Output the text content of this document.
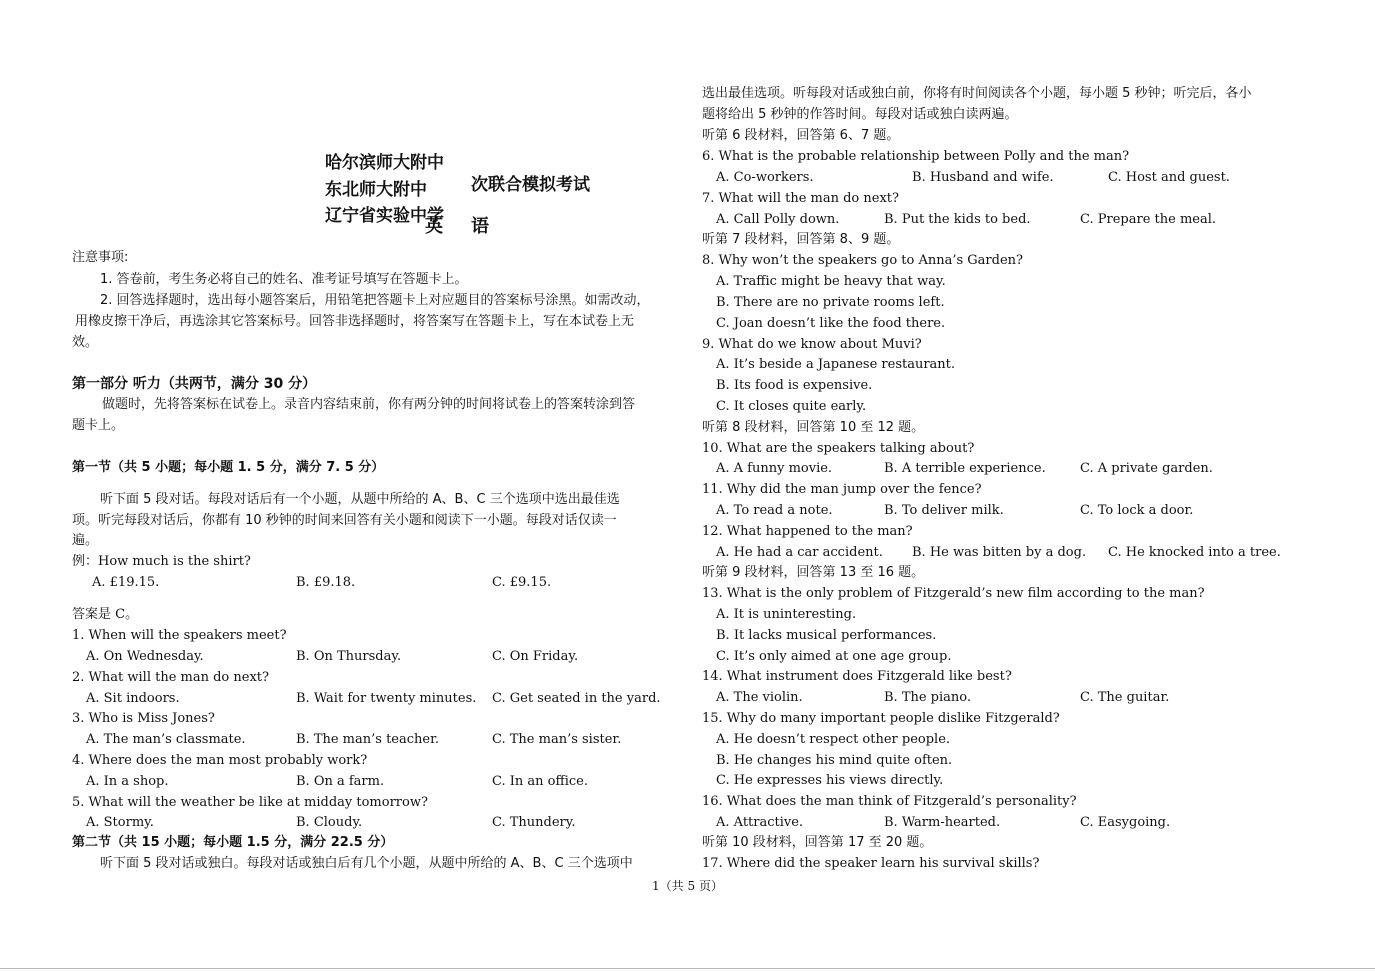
哈尔滨师大附中
东北师大附中
辽宁省实验中学
次联合模拟考试
英语
注意事项:
1. 答卷前，考生务必将自己的姓名、准考证号填写在答题卡上。
2. 回答选择题时，选出每小题答案后，用铅笔把答题卡上对应题目的答案标号涂黑。如需改动，
用橡皮擦干净后，再选涂其它答案标号。回答非选择题时，将答案写在答题卡上，写在本试卷上无
效。
第一部分 听力（共两节，满分 30 分）
做题时，先将答案标在试卷上。录音内容结束前，你有两分钟的时间将试卷上的答案转涂到答
题卡上。
第一节（共 5 小题；每小题 1. 5 分，满分 7. 5 分）
听下面 5 段对话。每段对话后有一个小题，从题中所给的 A、B、C 三个选项中选出最佳选
项。听完每段对话后，你都有 10 秒钟的时间来回答有关小题和阅读下一小题。每段对话仅读一
遍。
例：How much is the shirt?
A. £19.15.	B. £9.18.	C. £9.15.
答案是 C。
1. When will the speakers meet?
A. On Wednesday.	B. On Thursday.	C. On Friday.
2. What will the man do next?
A. Sit indoors.	B. Wait for twenty minutes. C. Get seated in the yard.
3. Who is Miss Jones?
A. The man’s classmate.	B. The man’s teacher.	C. The man’s sister.
4. Where does the man most probably work?
A. In a shop.	B. On a farm.	C. In an office.
5. What will the weather be like at midday tomorrow?
A. Stormy.	B. Cloudy.	C. Thundery.
第二节（共 15 小题；每小题 1.5 分，满分 22.5 分）
听下面 5 段对话或独白。每段对话或独白后有几个小题，从题中所给的 A、B、C 三个选项中
选出最佳选项。听每段对话或独白前，你将有时间阅读各个小题，每小题 5 秒钟；听完后，各小
题将给出 5 秒钟的作答时间。每段对话或独白读两遍。
听第 6 段材料，回答第 6、7 题。
6. What is the probable relationship between Polly and the man?
A. Co-workers.	B. Husband and wife.	C. Host and guest.
7. What will the man do next?
A. Call Polly down.	B. Put the kids to bed.	C. Prepare the meal.
听第 7 段材料，回答第 8、9 题。
8. Why won’t the speakers go to Anna’s Garden?
A. Traffic might be heavy that way.
B. There are no private rooms left.
C. Joan doesn’t like the food there.
9. What do we know about Muvi?
A. It’s beside a Japanese restaurant.
B. Its food is expensive.
C. It closes quite early.
听第 8 段材料，回答第 10 至 12 题。
10. What are the speakers talking about?
A. A funny movie.	B. A terrible experience.	C. A private garden.
11. Why did the man jump over the fence?
A. To read a note.	B. To deliver milk.	C. To lock a door.
12. What happened to the man?
A. He had a car accident. B. He was bitten by a dog. C. He knocked into a tree.
听第 9 段材料，回答第 13 至 16 题。
13. What is the only problem of Fitzgerald’s new film according to the man?
A. It is uninteresting.
B. It lacks musical performances.
C. It’s only aimed at one age group.
14. What instrument does Fitzgerald like best?
A. The violin.	B. The piano.	C. The guitar.
15. Why do many important people dislike Fitzgerald?
A. He doesn’t respect other people.
B. He changes his mind quite often.
C. He expresses his views directly.
16. What does the man think of Fitzgerald’s personality?
A. Attractive.	B. Warm-hearted.	C. Easygoing.
听第 10 段材料，回答第 17 至 20 题。
17. Where did the speaker learn his survival skills?
1（共 5 页）
